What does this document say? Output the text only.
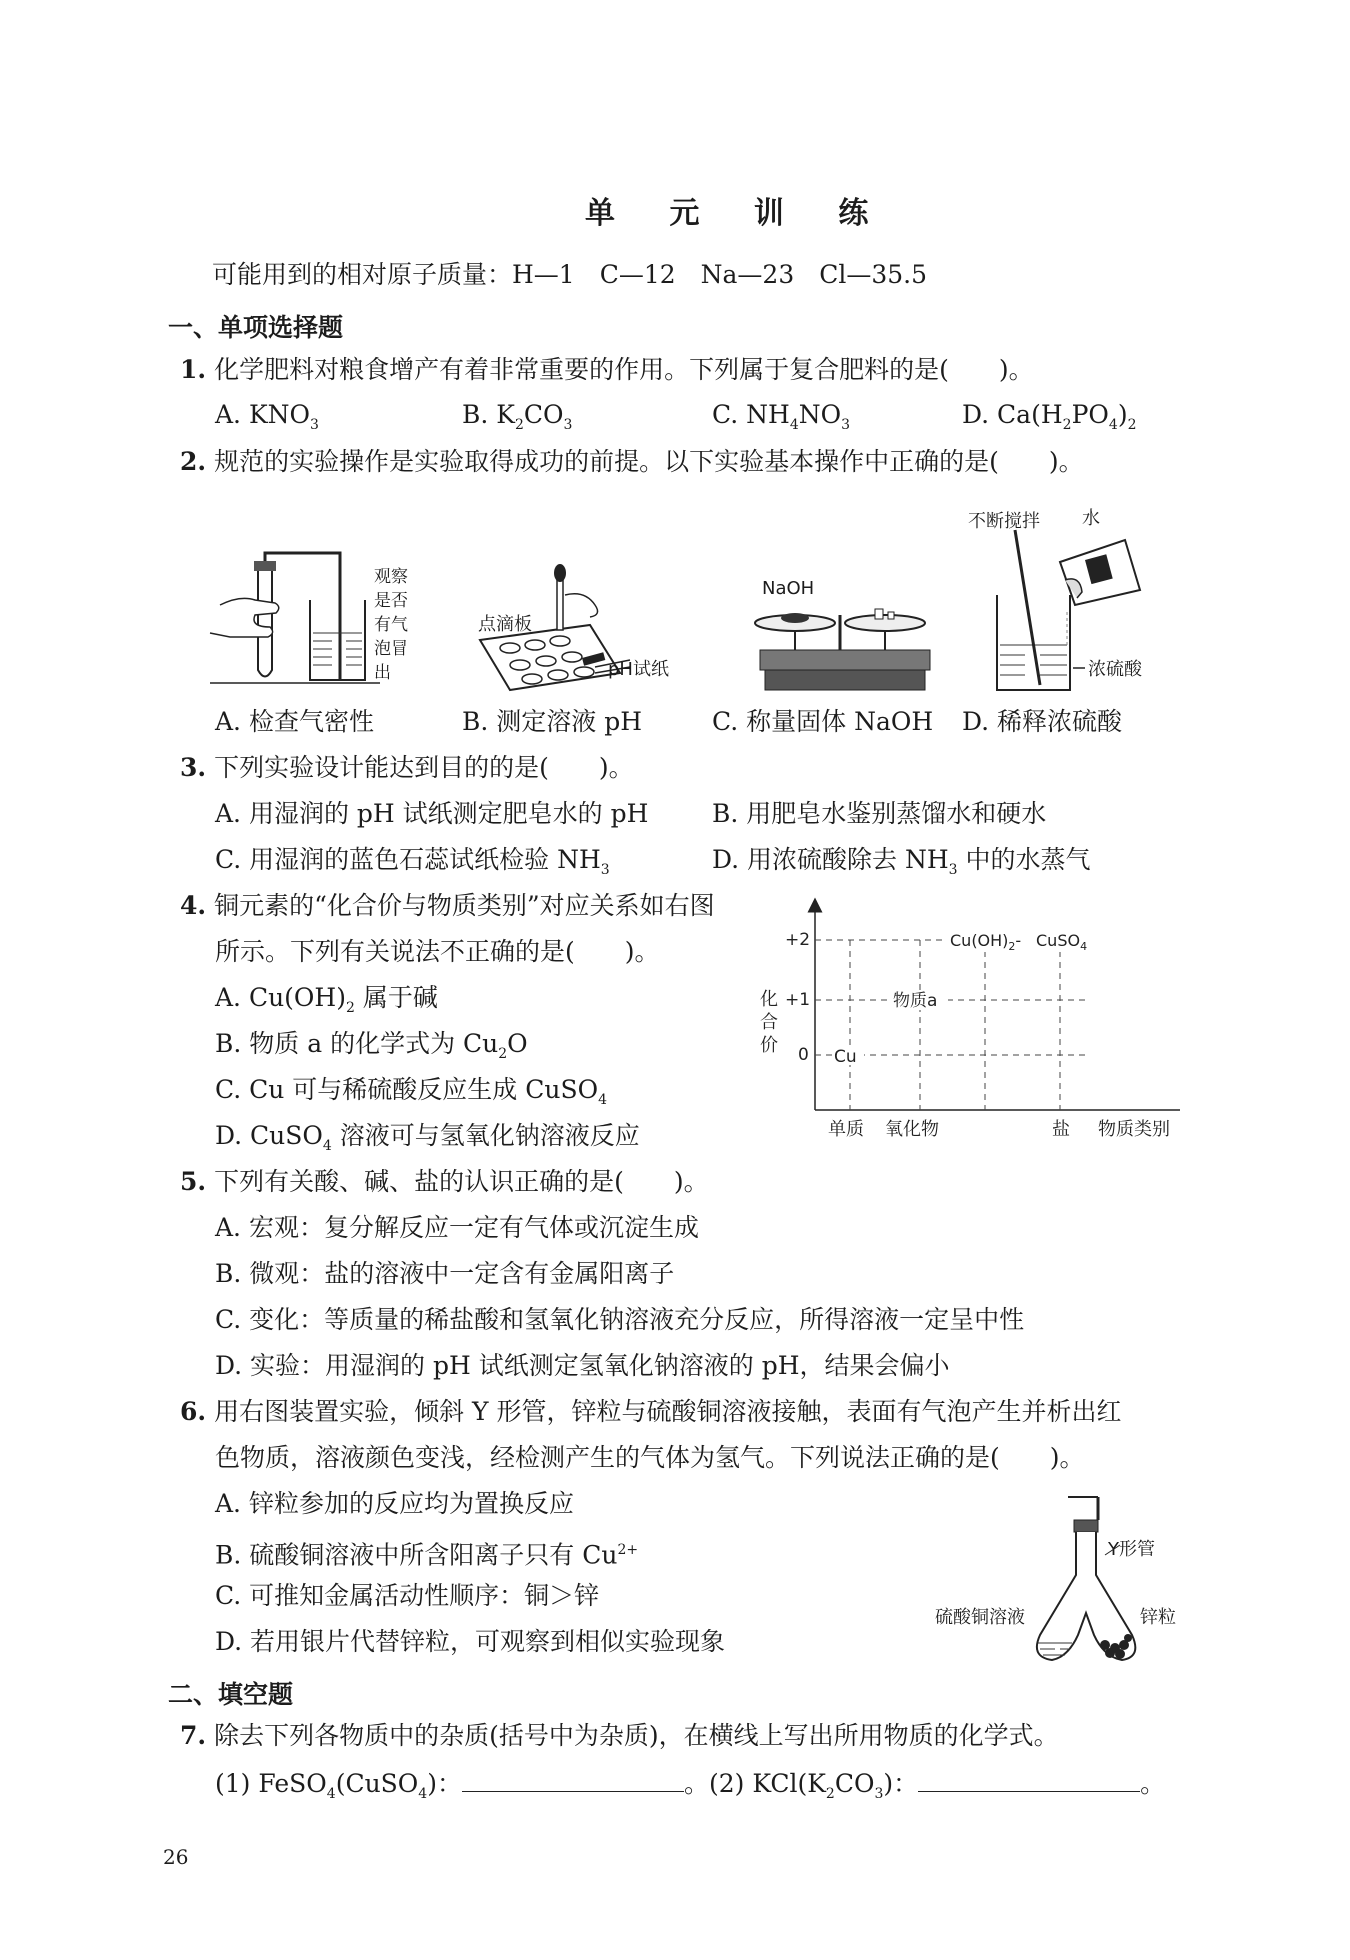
单 元 训 练
可能用到的相对原子质量：H—1　C—12　Na—23　Cl—35.5
一、单项选择题
1. 化学肥料对粮食增产有着非常重要的作用。下列属于复合肥料的是(　　)。
A. $KNO_3$	B. $K_2CO_3$	C. $NH_4NO_3$	D. $Ca(H_2PO_4)_2$
2. 规范的实验操作是实验取得成功的前提。以下实验基本操作中正确的是(　　)。
观察
是否
有气
泡冒
出
点滴板
pH试纸
NaOH
不断搅拌 水
浓硫酸
A. 检查气密性	B. 测定溶液 pH	C. 称量固体 NaOH D. 稀释浓硫酸
3. 下列实验设计能达到目的的是(　　)。
A. 用湿润的 pH 试纸测定肥皂水的 pH	B. 用肥皂水鉴别蒸馏水和硬水
C. 用湿润的蓝色石蕊试纸检验 $NH_3$	D. 用浓硫酸除去 $NH_3$ 中的水蒸气
4. 铜元素的“化合价与物质类别”对应关系如右图
所示。下列有关说法不正确的是(　　)。
A. $Cu(OH)_2$ 属于碱
B. 物质 a 的化学式为 $Cu_2O$
C. Cu 可与稀硫酸反应生成 CuSO$_4$
D. CuSO$_4$ 溶液可与氢氧化钠溶液反应
+2
+1
0
化
合
价
单质 氧化物	盐 物质类别
Cu
物质a
$Cu(OH)_2-$ CuSO$_4$
5. 下列有关酸、碱、盐的认识正确的是(　　)。
A. 宏观：复分解反应一定有气体或沉淀生成
B. 微观：盐的溶液中一定含有金属阳离子
C. 变化：等质量的稀盐酸和氢氧化钠溶液充分反应，所得溶液一定呈中性
D. 实验：用湿润的 pH 试纸测定氢氧化钠溶液的 pH，结果会偏小
6. 用右图装置实验，倾斜 Y 形管，锌粒与硫酸铜溶液接触，表面有气泡产生并析出红
色物质，溶液颜色变浅，经检测产生的气体为氢气。下列说法正确的是(　　)。
A. 锌粒参加的反应均为置换反应
B. 硫酸铜溶液中所含阳离子只有 $Cu^{2+}$
C. 可推知金属活动性顺序：铜＞锌
D. 若用银片代替锌粒，可观察到相似实验现象
Y形管
硫酸铜溶液	锌粒
二、填空题
7. 除去下列各物质中的杂质(括号中为杂质)，在横线上写出所用物质的化学式。
(1) FeSO$_4$(CuSO$_4$)：	。(2) $KCl(K_2CO_3)$：	。
26
